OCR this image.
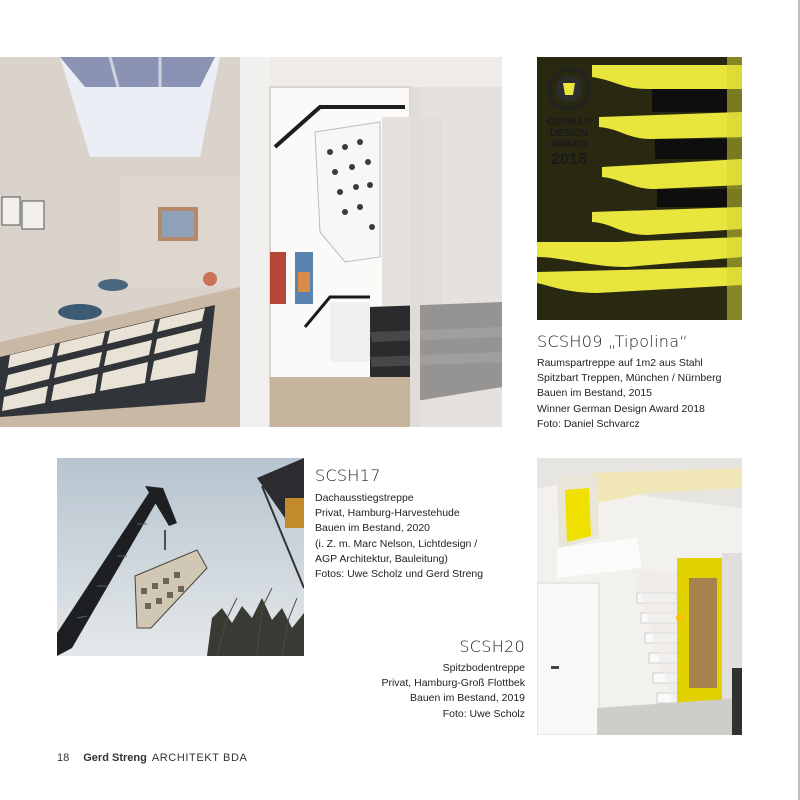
GERMAN
DESIGN
AWARD
2018
SCSH09 „Tipolina“
Raumspartreppe auf 1m2 aus Stahl
Spitzbart Treppen, München / Nürnberg
Bauen im Bestand, 2015
Winner German Design Award 2018
Foto: Daniel Schvarcz
SCSH17
Dachausstiegstreppe
Privat, Hamburg-Harvestehude
Bauen im Bestand, 2020
(i. Z. m. Marc Nelson, Lichtdesign /
AGP Architektur, Bauleitung)
Fotos: Uwe Scholz und Gerd Streng
SCSH20
Spitzbodentreppe
Privat, Hamburg-Groß Flottbek
Bauen im Bestand, 2019
Foto: Uwe Scholz
18 Gerd Streng ARCHITEKT BDA
